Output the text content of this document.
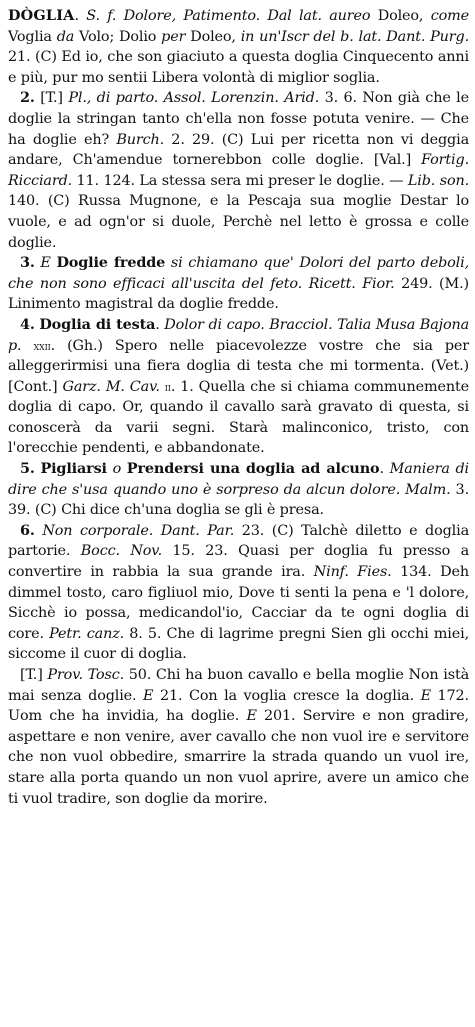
DÒGLIA. S. f. Dolore, Patimento. Dal lat. aureo Doleo, come Voglia da Volo; Dolio per Doleo, in un'Iscr del b. lat. Dant. Purg. 21. (C) Ed io, che son giaciuto a questa doglia Cinquecento anni e più, pur mo sentii Libera volontà di miglior soglia.

2. [T.] Pl., di parto. Assol. Lorenzin. Arid. 3. 6. Non già che le doglie la stringan tanto ch'ella non fosse potuta venire. — Che ha doglie eh? Burch. 2. 29. (C) Lui per ricetta non vi deggia andare, Ch'amendue tornerebbon colle doglie. [Val.] Fortig. Ricciard. 11. 124. La stessa sera mi preser le doglie. — Lib. son. 140. (C) Russa Mugnone, e la Pescaja sua moglie Destar lo vuole, e ad ogn'or si duole, Perchè nel letto è grossa e colle doglie.

3. E Doglie fredde si chiamano que' Dolori del parto deboli, che non sono efficaci all'uscita del feto. Ricett. Fior. 249. (M.) Linimento magistral da doglie fredde.

4. Doglia di testa. Dolor di capo. Bracciol. Talia Musa Bajona p. xxii. (Gh.) Spero nelle piacevolezze vostre che sia per alleggerirmisi una fiera doglia di testa che mi tormenta. (Vet.) [Cont.] Garz. M. Cav. ii. 1. Quella che si chiama communemente doglia di capo. Or, quando il cavallo sarà gravato di questa, si conoscerà da varii segni. Starà malinconico, tristo, con l'orecchie pendenti, e abbandonate.

5. Pigliarsi o Prendersi una doglia ad alcuno. Maniera di dire che s'usa quando uno è sorpreso da alcun dolore. Malm. 3. 39. (C) Chi dice ch'una doglia se gli è presa.

6. Non corporale. Dant. Par. 23. (C) Talchè diletto e doglia partorie. Bocc. Nov. 15. 23. Quasi per doglia fu presso a convertire in rabbia la sua grande ira. Ninf. Fies. 134. Deh dimmel tosto, caro figliuol mio, Dove ti senti la pena e 'l dolore, Sicchè io possa, medicandol'io, Cacciar da te ogni doglia di core. Petr. canz. 8. 5. Che di lagrime pregni Sien gli occhi miei, siccome il cuor di doglia.

[T.] Prov. Tosc. 50. Chi ha buon cavallo e bella moglie Non istà mai senza doglie. E 21. Con la voglia cresce la doglia. E 172. Uom che ha invidia, ha doglie. E 201. Servire e non gradire, aspettare e non venire, aver cavallo che non vuol ire e servitore che non vuol obbedire, smarrire la strada quando un vuol ire, stare alla porta quando un non vuol aprire, avere un amico che ti vuol tradire, son doglie da morire.
